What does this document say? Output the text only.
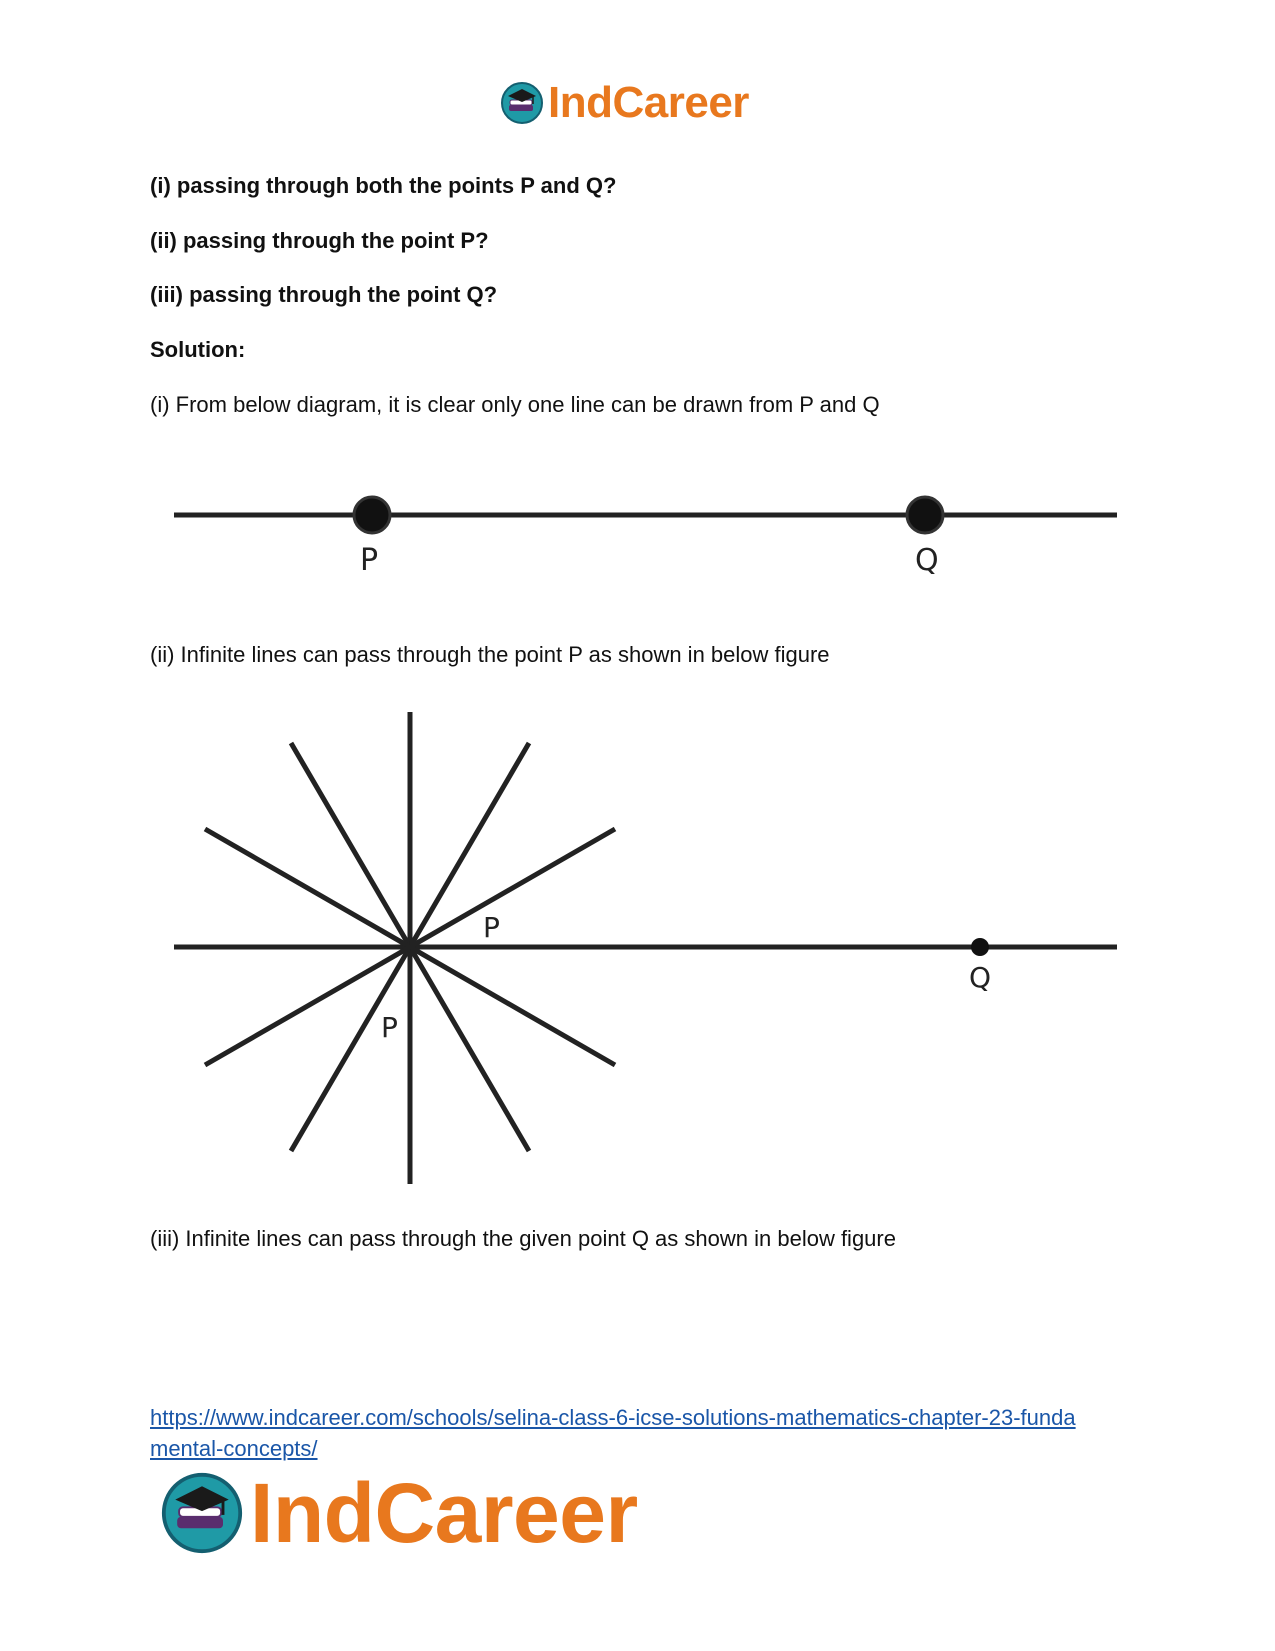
IndCareer
(i) passing through both the points P and Q?
(ii) passing through the point P?
(iii) passing through the point Q?
Solution:
(i) From below diagram, it is clear only one line can be drawn from P and Q
P	Q
(ii) Infinite lines can pass through the point P as shown in below figure
P
P
Q
(iii) Infinite lines can pass through the given point Q as shown in below figure
https://www.indcareer.com/schools/selina-class-6-icse-solutions-mathematics-chapter-23-funda
mental-concepts/
IndCareer
